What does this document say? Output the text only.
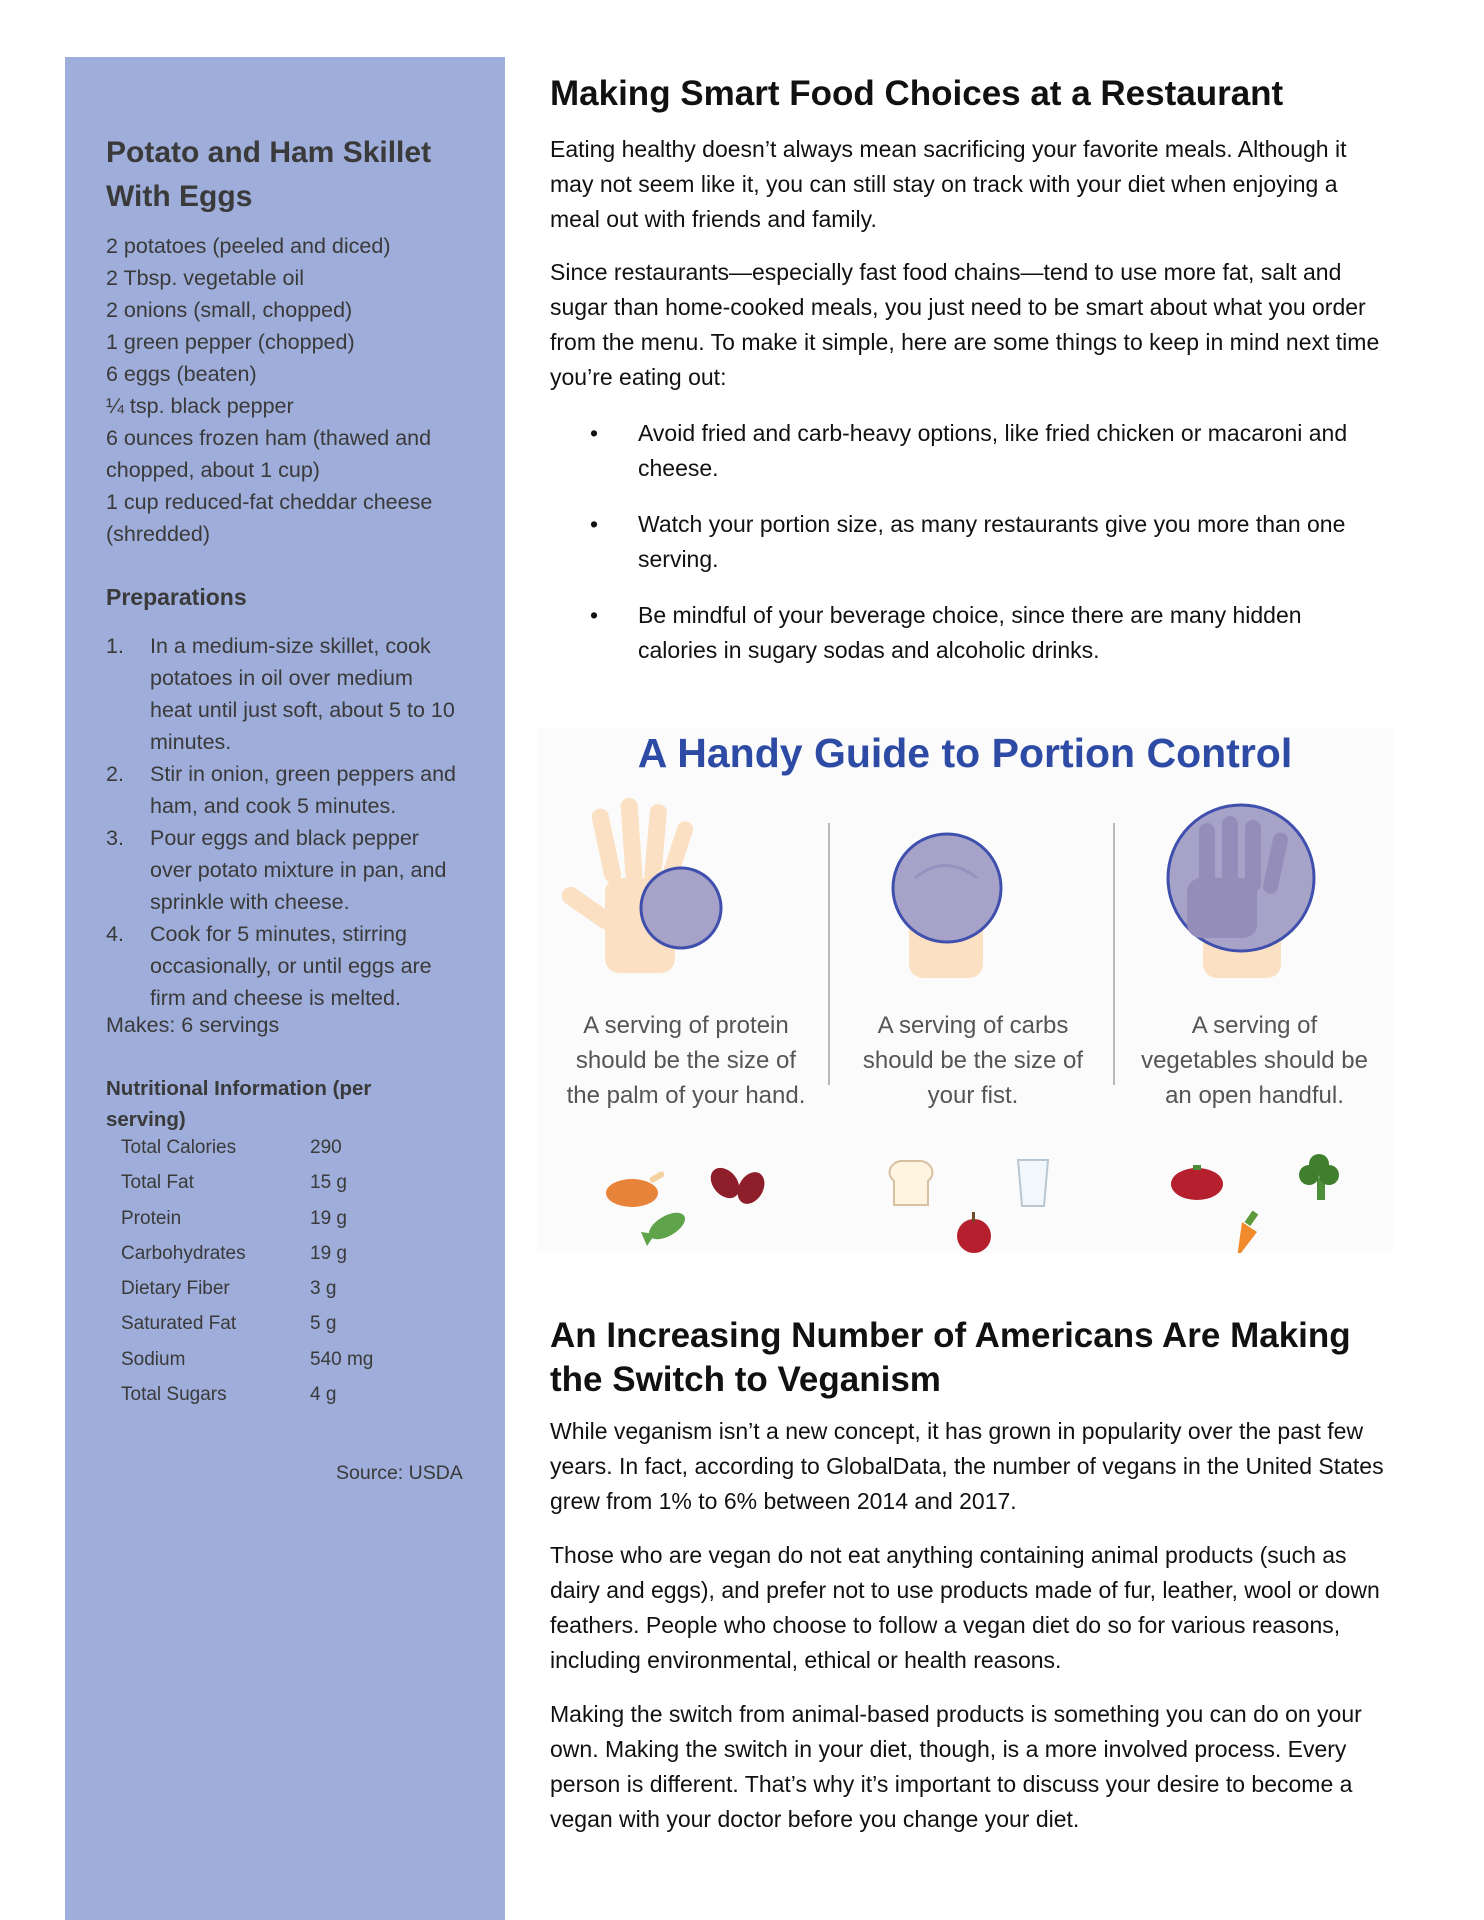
Potato and Ham Skillet With Eggs
2 potatoes (peeled and diced)
2 Tbsp. vegetable oil
2 onions (small, chopped)
1 green pepper (chopped)
6 eggs (beaten)
¼ tsp. black pepper
6 ounces frozen ham (thawed and chopped, about 1 cup)
1 cup reduced-fat cheddar cheese (shredded)
Preparations
1. In a medium-size skillet, cook potatoes in oil over medium heat until just soft, about 5 to 10 minutes.
2. Stir in onion, green peppers and ham, and cook 5 minutes.
3. Pour eggs and black pepper over potato mixture in pan, and sprinkle with cheese.
4. Cook for 5 minutes, stirring occasionally, or until eggs are firm and cheese is melted.
Makes: 6 servings
Nutritional Information (per serving)
Total Calories	290
Total Fat	15 g
Protein	19 g
Carbohydrates	19 g
Dietary Fiber	3 g
Saturated Fat	5 g
Sodium	540 mg
Total Sugars	4 g
Source: USDA
Making Smart Food Choices at a Restaurant

Eating healthy doesn’t always mean sacrificing your favorite meals. Although it may not seem like it, you can still stay on track with your diet when enjoying a meal out with friends and family.

Since restaurants—especially fast food chains—tend to use more fat, salt and sugar than home-cooked meals, you just need to be smart about what you order from the menu. To make it simple, here are some things to keep in mind next time you’re eating out:

• Avoid fried and carb-heavy options, like fried chicken or macaroni and cheese.
• Watch your portion size, as many restaurants give you more than one serving.
• Be mindful of your beverage choice, since there are many hidden calories in sugary sodas and alcoholic drinks.
A Handy Guide to Portion Control
A serving of protein should be the size of the palm of your hand.
A serving of carbs should be the size of your fist.
A serving of vegetables should be an open handful.
An Increasing Number of Americans Are Making the Switch to Veganism

While veganism isn’t a new concept, it has grown in popularity over the past few years. In fact, according to GlobalData, the number of vegans in the United States grew from 1% to 6% between 2014 and 2017.

Those who are vegan do not eat anything containing animal products (such as dairy and eggs), and prefer not to use products made of fur, leather, wool or down feathers. People who choose to follow a vegan diet do so for various reasons, including environmental, ethical or health reasons.

Making the switch from animal-based products is something you can do on your own. Making the switch in your diet, though, is a more involved process. Every person is different. That’s why it’s important to discuss your desire to become a vegan with your doctor before you change your diet.
